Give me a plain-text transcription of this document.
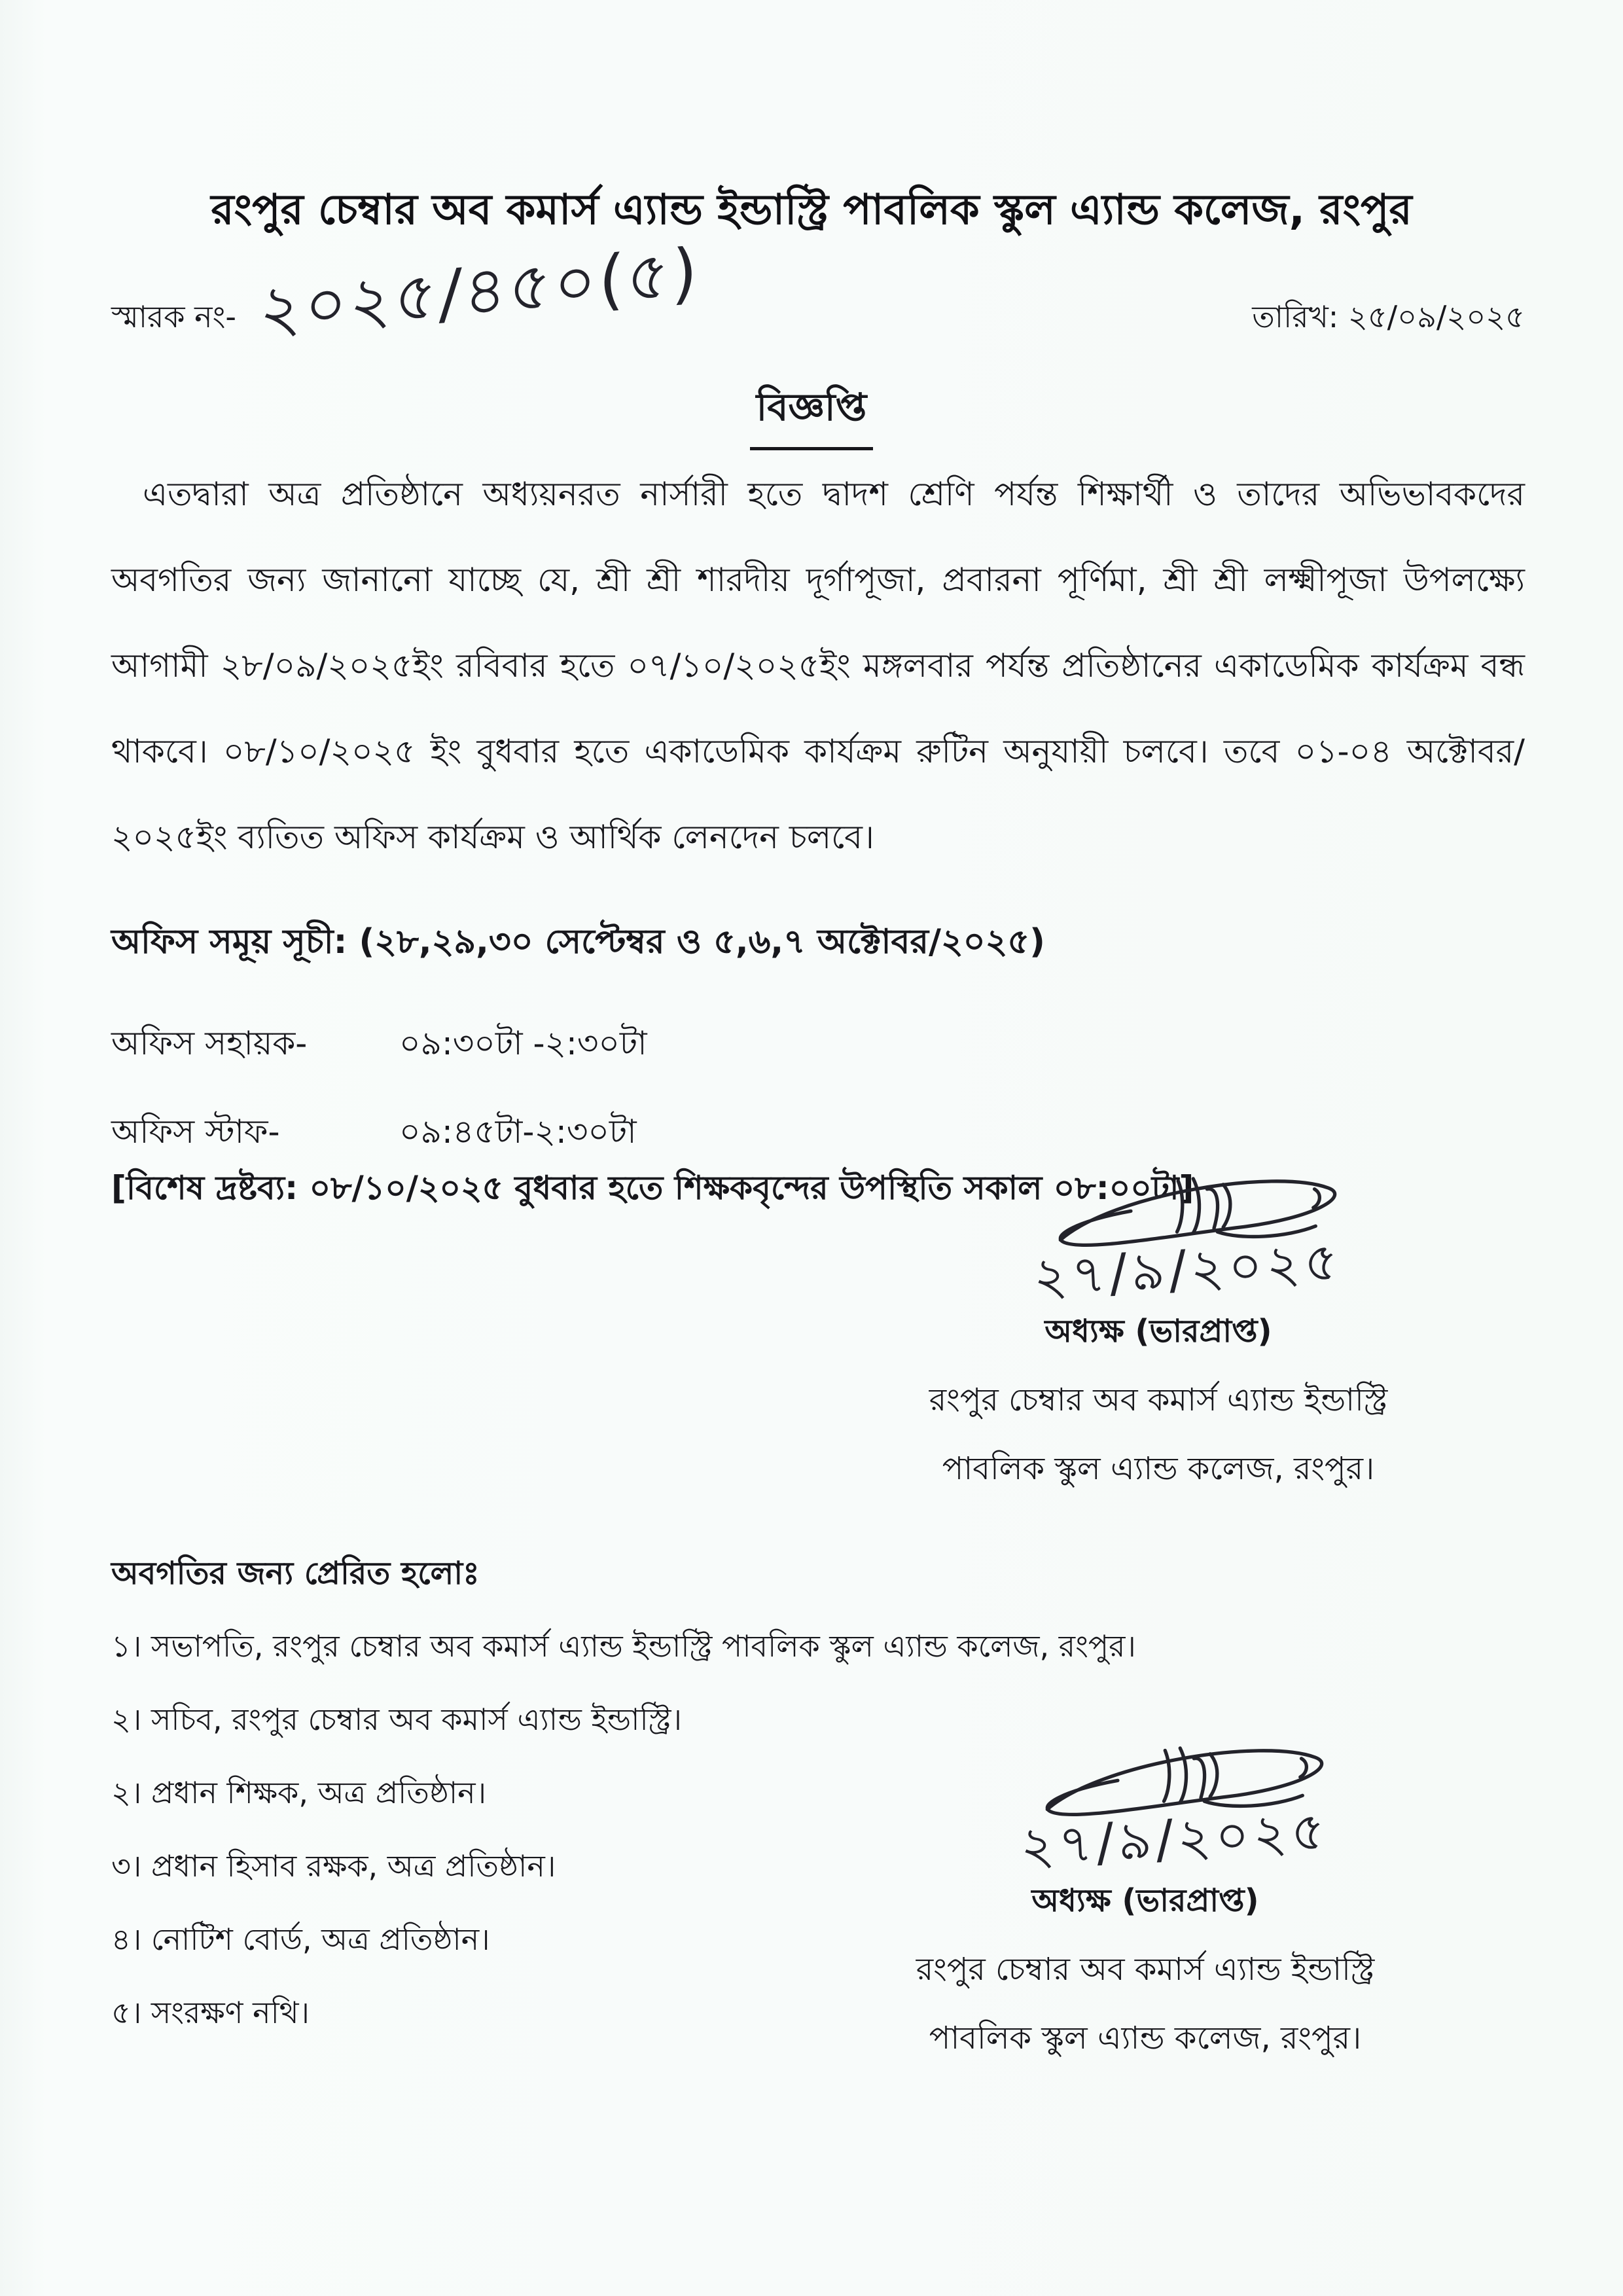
রংপুর চেম্বার অব কমার্স এ্যান্ড ইন্ডাস্ট্রি পাবলিক স্কুল এ্যান্ড কলেজ, রংপুর
স্মারক নং- ২০২৫/৪৫০(৫)	তারিখ: ২৫/০৯/২০২৫
বিজ্ঞপ্তি

এতদ্বারা অত্র প্রতিষ্ঠানে অধ্যয়নরত নার্সারী হতে দ্বাদশ শ্রেণি পর্যন্ত শিক্ষার্থী ও তাদের অভিভাবকদের অবগতির জন্য জানানো যাচ্ছে যে, শ্রী শ্রী শারদীয় দূর্গাপূজা, প্রবারনা পূর্ণিমা, শ্রী শ্রী লক্ষ্মীপূজা উপলক্ষ্যে আগামী ২৮/০৯/২০২৫ইং রবিবার হতে ০৭/১০/২০২৫ইং মঙ্গলবার পর্যন্ত প্রতিষ্ঠানের একাডেমিক কার্যক্রম বন্ধ থাকবে। ০৮/১০/২০২৫ ইং বুধবার হতে একাডেমিক কার্যক্রম রুটিন অনুযায়ী চলবে। তবে ০১-০৪ অক্টোবর/২০২৫ইং ব্যতিত অফিস কার্যক্রম ও আর্থিক লেনদেন চলবে।

অফিস সমূয় সূচী: (২৮,২৯,৩০ সেপ্টেম্বর ও ৫,৬,৭ অক্টোবর/২০২৫)
অফিস সহায়ক-	০৯:৩০টা -২:৩০টা
অফিস স্টাফ-	০৯:৪৫টা-২:৩০টা
[বিশেষ দ্রষ্টব্য: ০৮/১০/২০২৫ বুধবার হতে শিক্ষকবৃন্দের উপস্থিতি সকাল ০৮:০০টা]
২৭/৯/২০২৫
অধ্যক্ষ (ভারপ্রাপ্ত)
রংপুর চেম্বার অব কমার্স এ্যান্ড ইন্ডাস্ট্রি
পাবলিক স্কুল এ্যান্ড কলেজ, রংপুর।
অবগতির জন্য প্রেরিত হলোঃ
১। সভাপতি, রংপুর চেম্বার অব কমার্স এ্যান্ড ইন্ডাস্ট্রি পাবলিক স্কুল এ্যান্ড কলেজ, রংপুর।
২। সচিব, রংপুর চেম্বার অব কমার্স এ্যান্ড ইন্ডাস্ট্রি।
২। প্রধান শিক্ষক, অত্র প্রতিষ্ঠান।
৩। প্রধান হিসাব রক্ষক, অত্র প্রতিষ্ঠান।
৪। নোটিশ বোর্ড, অত্র প্রতিষ্ঠান।
৫। সংরক্ষণ নথি।
২৭/৯/২০২৫
অধ্যক্ষ (ভারপ্রাপ্ত)
রংপুর চেম্বার অব কমার্স এ্যান্ড ইন্ডাস্ট্রি
পাবলিক স্কুল এ্যান্ড কলেজ, রংপুর।
